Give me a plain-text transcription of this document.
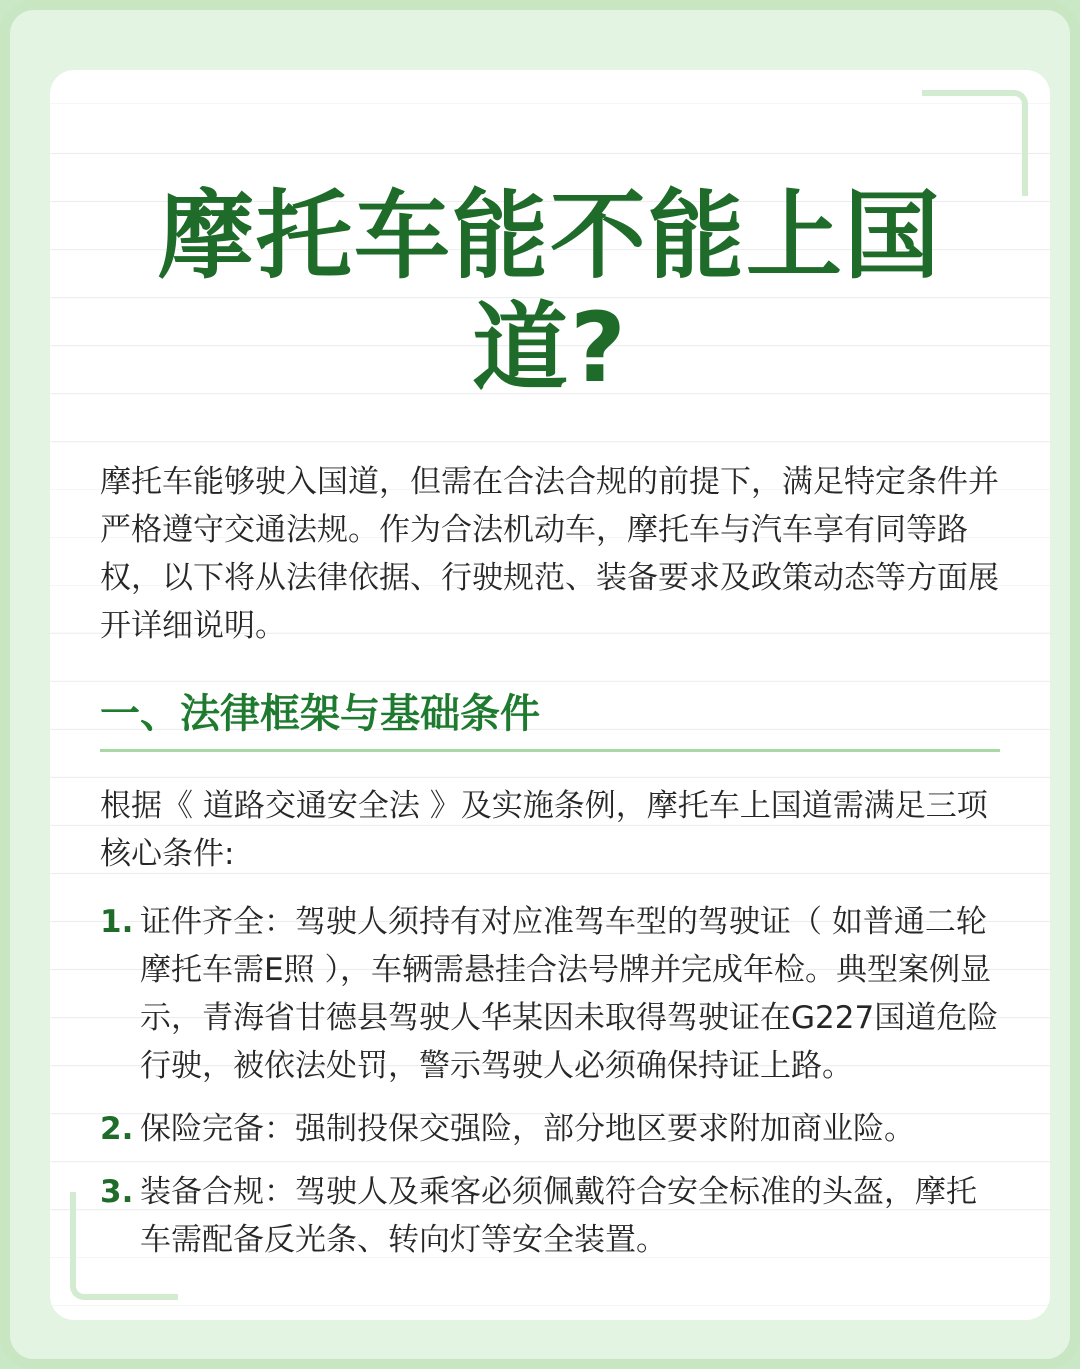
摩托车能不能上国道?

摩托车能够驶入国道，但需在合法合规的前提下，满足特定条件并严格遵守交通法规。作为合法机动车，摩托车与汽车享有同等路权，以下将从法律依据、行驶规范、装备要求及政策动态等方面展开详细说明。

一、法律框架与基础条件

根据《 道路交通安全法 》及实施条例，摩托车上国道需满足三项核心条件:

1. 证件齐全：驾驶人须持有对应准驾车型的驾驶证（ 如普通二轮摩托车需E照 ），车辆需悬挂合法号牌并完成年检。典型案例显示，青海省甘德县驾驶人华某因未取得驾驶证在G227国道危险行驶，被依法处罚，警示驾驶人必须确保持证上路。

2. 保险完备：强制投保交强险，部分地区要求附加商业险。

3. 装备合规：驾驶人及乘客必须佩戴符合安全标准的头盔，摩托车需配备反光条、转向灯等安全装置。
